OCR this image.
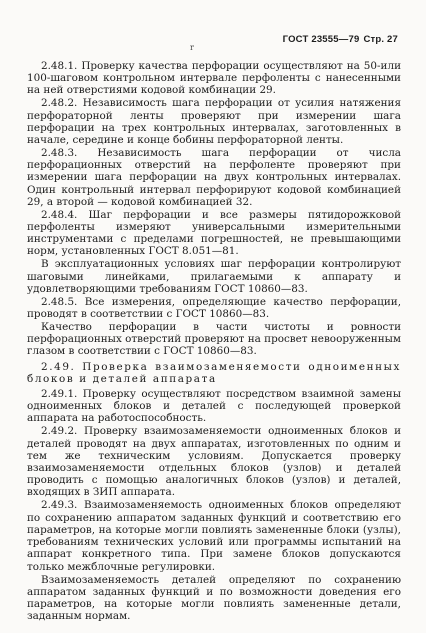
ГОСТ 23555—79 Стр. 27
r

2.48.1. Проверку качества перфорации осуществляют на 50-или 100-шаговом контрольном интервале перфоленты с нанесенными на ней отверстиями кодовой комбинации 29.

2.48.2. Независимость шага перфорации от усилия натяжения перфораторной ленты проверяют при измерении шага перфорации на трех контрольных интервалах, заготовленных в начале, середине и конце бобины перфораторной ленты.

2.48.3. Независимость шага перфорации от числа перфорационных отверстий на перфоленте проверяют при измерении шага перфорации на двух контрольных интервалах. Один контрольный интервал перфорируют кодовой комбинацией 29, а второй — кодовой комбинацией 32.

2.48.4. Шаг перфорации и все размеры пятидорожковой перфоленты измеряют универсальными измерительными инструментами с пределами погрешностей, не превышающими норм, установленных ГОСТ 8.051—81.

В эксплуатационных условиях шаг перфорации контролируют шаговыми линейками, прилагаемыми к аппарату и удовлетворяющими требованиям ГОСТ 10860—83.

2.48.5. Все измерения, определяющие качество перфорации, проводят в соответствии с ГОСТ 10860—83.

Качество перфорации в части чистоты и ровности перфорационных отверстий проверяют на просвет невооруженным глазом в соответствии с ГОСТ 10860—83.

2.49. Проверка взаимозаменяемости одноименных блоков и деталей аппарата

2.49.1. Проверку осуществляют посредством взаимной замены одноименных блоков и деталей с последующей проверкой аппарата на работоспособность.

2.49.2. Проверку взаимозаменяемости одноименных блоков и деталей проводят на двух аппаратах, изготовленных по одним и тем же техническим условиям. Допускается проверку взаимозаменяемости отдельных блоков (узлов) и деталей проводить с помощью аналогичных блоков (узлов) и деталей, входящих в ЗИП аппарата.

2.49.3. Взаимозаменяемость одноименных блоков определяют по сохранению аппаратом заданных функций и соответствию его параметров, на которые могли повлиять замененные блоки (узлы), требованиям технических условий или программы испытаний на аппарат конкретного типа. При замене блоков допускаются только межблочные регулировки.

Взаимозаменяемость деталей определяют по сохранению аппаратом заданных функций и по возможности доведения его параметров, на которые могли повлиять замененные детали, заданным нормам.
